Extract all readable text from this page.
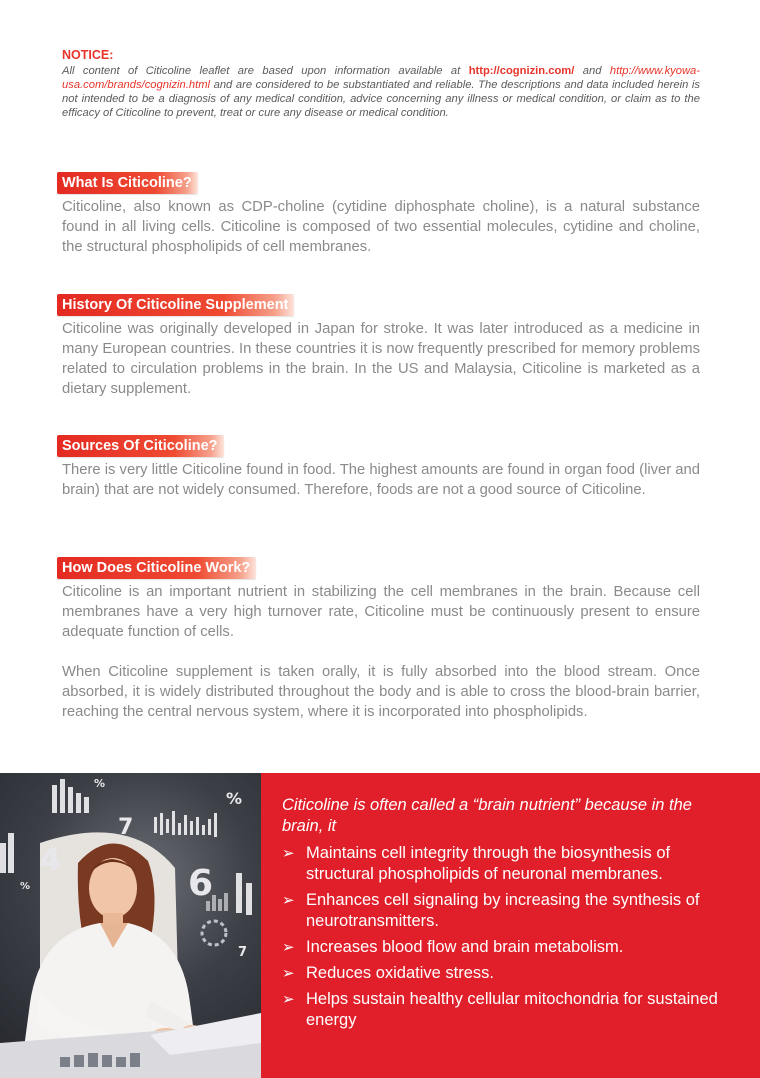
NOTICE:

All content of Citicoline leaflet are based upon information available at http://cognizin.com/ and http://www.kyowa-usa.com/brands/cognizin.html and are considered to be substantiated and reliable. The descriptions and data included herein is not intended to be a diagnosis of any medical condition, advice concerning any illness or medical condition, or claim as to the efficacy of Citicoline to prevent, treat or cure any disease or medical condition.

What Is Citicoline?

Citicoline, also known as CDP-choline (cytidine diphosphate choline), is a natural substance found in all living cells. Citicoline is composed of two essential molecules, cytidine and choline, the structural phospholipids of cell membranes.

History Of Citicoline Supplement

Citicoline was originally developed in Japan for stroke. It was later introduced as a medicine in many European countries. In these countries it is now frequently prescribed for memory problems related to circulation problems in the brain. In the US and Malaysia, Citicoline is marketed as a dietary supplement.

Sources Of Citicoline?

There is very little Citicoline found in food. The highest amounts are found in organ food (liver and brain) that are not widely consumed. Therefore, foods are not a good source of Citicoline.

How Does Citicoline Work?

Citicoline is an important nutrient in stabilizing the cell membranes in the brain. Because cell membranes have a very high turnover rate, Citicoline must be continuously present to ensure adequate function of cells.

When Citicoline supplement is taken orally, it is fully absorbed into the blood stream. Once absorbed, it is widely distributed throughout the body and is able to cross the blood-brain barrier, reaching the central nervous system, where it is incorporated into phospholipids.

%
7
4
6
%
7
%

Citicoline is often called a “brain nutrient” because in the brain, it

➢ Maintains cell integrity through the biosynthesis of structural phospholipids of neuronal membranes.
➢ Enhances cell signaling by increasing the synthesis of neurotransmitters.
➢ Increases blood flow and brain metabolism.
➢ Reduces oxidative stress.
➢ Helps sustain healthy cellular mitochondria for sustained energy
